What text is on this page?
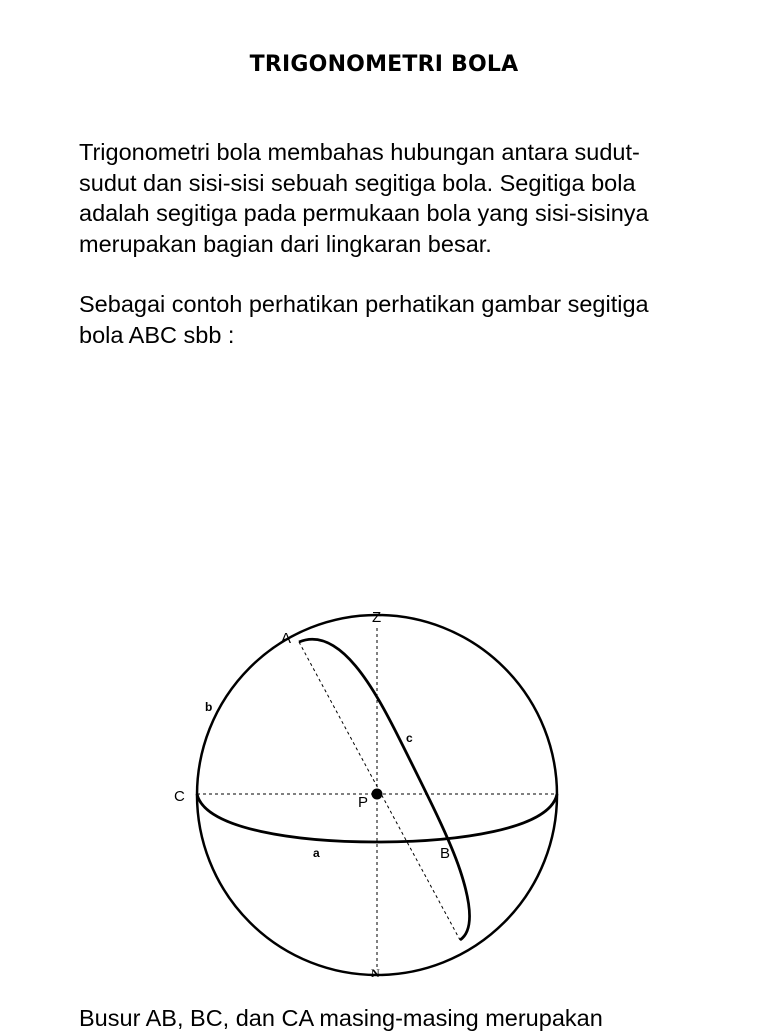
TRIGONOMETRI BOLA

Trigonometri bola membahas hubungan antara sudut-
sudut dan sisi-sisi sebuah segitiga bola. Segitiga bola
adalah segitiga pada permukaan bola yang sisi-sisinya
merupakan bagian dari lingkaran besar.

Sebagai contoh perhatikan perhatikan gambar segitiga
bola ABC sbb :

Z
A
b
c
C	P
a	B
N

Busur AB, BC, dan CA masing-masing merupakan
